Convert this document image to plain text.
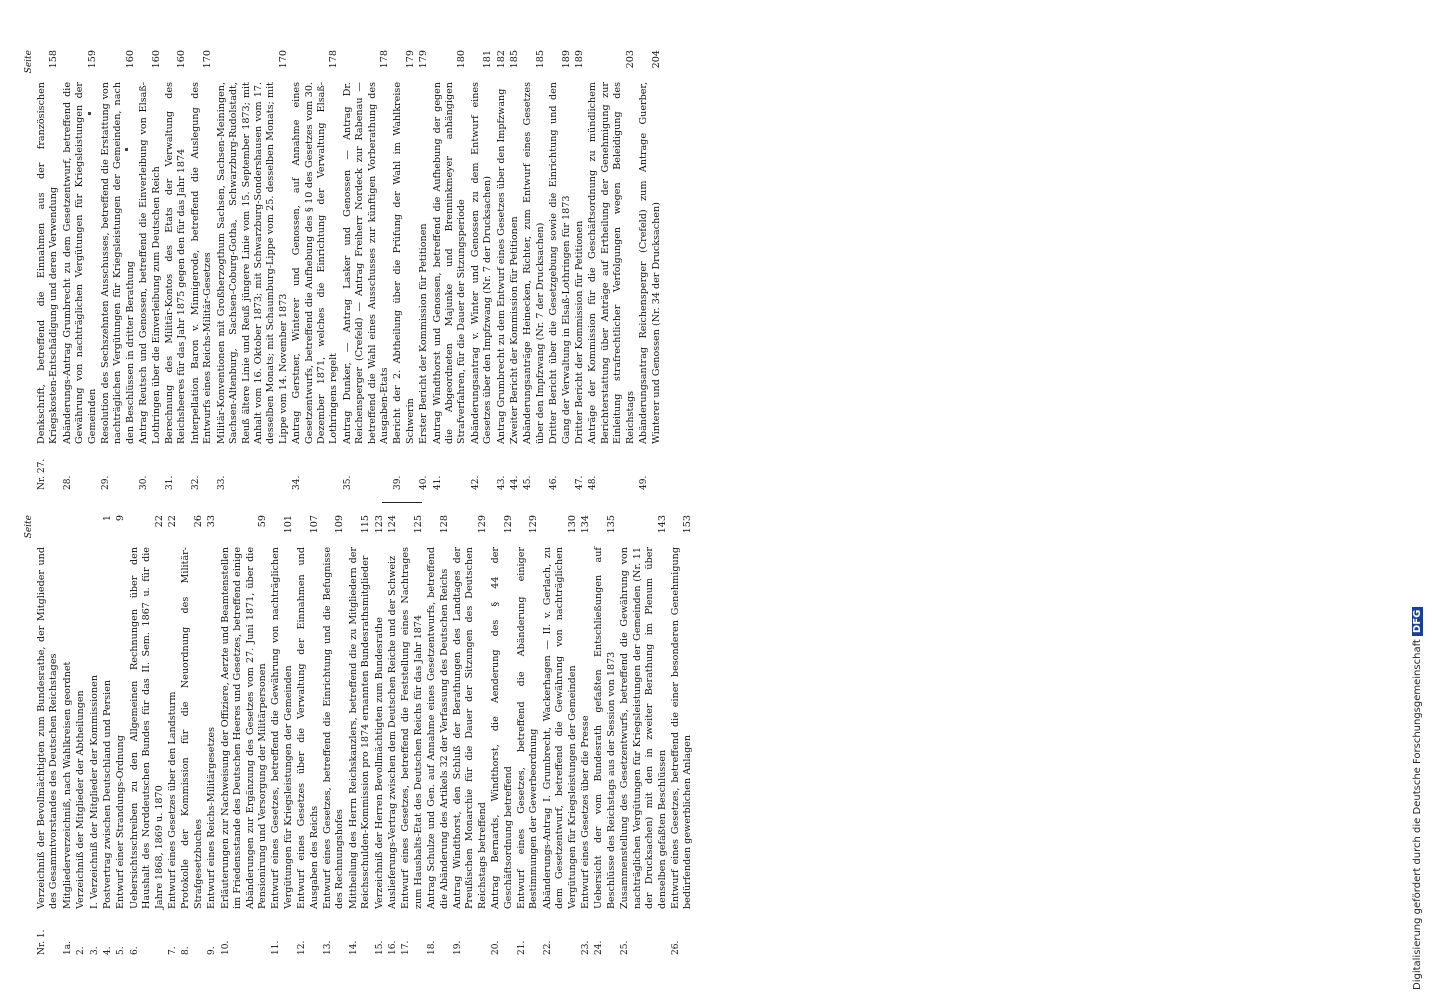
Seite
Nr. 1.
Verzeichniß der Bevollmächtigten zum Bundesrathe, der Mitglieder und des Gesammtvorstandes des Deutschen Reichstages
1a.
Mitgliederverzeichniß, nach Wahlkreisen geordnet
2.
Verzeichniß der Mitglieder der Abtheilungen
3.
I. Verzeichniß der Mitglieder der Kommissionen
4.
Postvertrag zwischen Deutschland und Persien
1
5.
Entwurf einer Strandungs-Ordnung
9
6.
Uebersichtsschreiben zu den Allgemeinen Rechnungen über den Haushalt des Norddeutschen Bundes für das II. Sem. 1867 u. für die Jahre 1868, 1869 u. 1870
22
7.
Entwurf eines Gesetzes über den Landsturm
22
8.
Protokolle der Kommission für die Neuordnung des Militär-Strafgesetzbuches
26
9.
Entwurf eines Reichs-Militärgesetzes
33
10.
Erläuterungen zur Nachweisung der Offiziere, Aerzte und Beamtenstellen im Friedensstande des Deutschen Heeres und Gesetzes, betreffend einige Abänderungen zur Ergänzung des Gesetzes vom 27. Juni 1871, über die Pensionirung und Versorgung der Militärpersonen
59
11.
Entwurf eines Gesetzes, betreffend die Gewährung von nachträglichen Vergütungen für Kriegsleistungen der Gemeinden
101
12.
Entwurf eines Gesetzes über die Verwaltung der Einnahmen und Ausgaben des Reichs
107
13.
Entwurf eines Gesetzes, betreffend die Einrichtung und die Befugnisse des Rechnungshofes
109
14.
Mittheilung des Herrn Reichskanzlers, betreffend die zu Mitgliedern der Reichsschulden-Kommission pro 1874 ernannten Bundesrathsmitglieder
115
15.
Verzeichniß der Herren Bevollmächtigten zum Bundesrathe
123
16.
Auslieferungs-Vertrag zwischen dem Deutschen Reiche und der Schweiz
124
17.
Entwurf eines Gesetzes, betreffend die Feststellung eines Nachtrages zum Haushalts-Etat des Deutschen Reichs für das Jahr 1874
125
18.
Antrag Schulze und Gen. auf Annahme eines Gesetzentwurfs, betreffend die Abänderung des Artikels 32 der Verfassung des Deutschen Reichs
128
19.
Antrag Windthorst, den Schluß der Berathungen des Landtages der Preußischen Monarchie für die Dauer der Sitzungen des Deutschen Reichstags betreffend
129
20.
Antrag Bernards, Windthorst, die Aenderung des § 44 der Geschäftsordnung betreffend
129
21.
Entwurf eines Gesetzes, betreffend die Abänderung einiger Bestimmungen der Gewerbeordnung
129
22.
Abänderungs-Antrag I. Grumbrecht, Wackerhagen — II. v. Gerlach, zu dem Gesetzentwurf, betreffend die Gewährung von nachträglichen Vergütungen für Kriegsleistungen der Gemeinden
130
23.
Entwurf eines Gesetzes über die Presse
134
24.
Uebersicht der vom Bundesrath gefaßten Entschließungen auf Beschlüsse des Reichstags aus der Session von 1873
135
25.
Zusammenstellung des Gesetzentwurfs, betreffend die Gewährung von nachträglichen Vergütungen für Kriegsleistungen der Gemeinden (Nr. 11 der Drucksachen) mit den in zweiter Berathung im Plenum über denselben gefaßten Beschlüssen
143
26.
Entwurf eines Gesetzes, betreffend die einer besonderen Genehmigung bedürfenden gewerblichen Anlagen
153
Seite
Nr. 27.
Denkschrift, betreffend die Einnahmen aus der französischen Kriegskosten-Entschädigung und deren Verwendung
158
28.
Abänderungs-Antrag Grumbrecht zu dem Gesetzentwurf, betreffend die Gewährung von nachträglichen Vergütungen für Kriegsleistungen der Gemeinden
159
29.
Resolution des Sechszehnten Ausschusses, betreffend die Erstattung von nachträglichen Vergütungen für Kriegsleistungen der Gemeinden, nach den Beschlüssen in dritter Berathung
160
30.
Antrag Reutsch und Genossen, betreffend die Einverleibung von Elsaß-Lothringen über die Einverleibung zum Deutschen Reich
160
31.
Berechnung des Militär-Kontos des Etats der Verwaltung des Reichsheeres für das Jahr 1875 gegen den für das Jahr 1874
160
32.
Interpellation Baron v. Minnigerode, betreffend die Auslegung des Entwurfs eines Reichs-Militär-Gesetzes
170
33.
Militär-Konventionen mit Großherzogthum Sachsen, Sachsen-Meiningen, Sachsen-Altenburg, Sachsen-Coburg-Gotha, Schwarzburg-Rudolstadt, Reuß ältere Linie und Reuß jüngere Linie vom 15. September 1873; mit Anhalt vom 16. Oktober 1873; mit Schwarzburg-Sondershausen vom 17. desselben Monats; mit Schaumburg-Lippe vom 25. desselben Monats; mit Lippe vom 14. November 1873
170
34.
Antrag Gerstner, Winterer und Genossen, auf Annahme eines Gesetzentwurfs, betreffend die Aufhebung des § 10 des Gesetzes vom 30. Dezember 1871, welches die Einrichtung der Verwaltung Elsaß-Lothringens regelt
178
35.
Antrag Dunker, — Antrag Lasker und Genossen — Antrag Dr. Reichensperger (Crefeld) — Antrag Freiherr Nordeck zur Rabenau — betreffend die Wahl eines Ausschusses zur künftigen Vorberathung des Ausgaben-Etats
178
39.
Bericht der 2. Abtheilung über die Prüfung der Wahl im Wahlkreise Schwerin
179
40.
Erster Bericht der Kommission für Petitionen
179
41.
Antrag Windthorst und Genossen, betreffend die Aufhebung der gegen die Abgeordneten Majunke und Brenninkmeyer anhängigen Strafverfahren, für die Dauer der Sitzungsperiode
180
42.
Abänderungsantrag v. Winter und Genossen zu dem Entwurf eines Gesetzes über den Impfzwang (Nr. 7 der Drucksachen)
181
43.
Antrag Grumbrecht zu dem Entwurf eines Gesetzes über den Impfzwang
182
44.
Zweiter Bericht der Kommission für Petitionen
185
45.
Abänderungsanträge Heinecken, Richter, zum Entwurf eines Gesetzes über den Impfzwang (Nr. 7 der Drucksachen)
185
46.
Dritter Bericht über die Gesetzgebung sowie die Einrichtung und den Gang der Verwaltung in Elsaß-Lothringen für 1873
189
47.
Dritter Bericht der Kommission für Petitionen
189
48.
Anträge der Kommission für die Geschäftsordnung zu mündlichem Berichterstattung über Anträge auf Ertheilung der Genehmigung zur Einleitung strafrechtlicher Verfolgungen wegen Beleidigung des Reichstags
203
49.
Abänderungsantrag Reichensperger (Crefeld) zum Antrage Guerber, Winterer und Genossen (Nr. 34 der Drucksachen)
204
Digitalisierung gefördert durch die Deutsche Forschungsgemeinschaft DFG
